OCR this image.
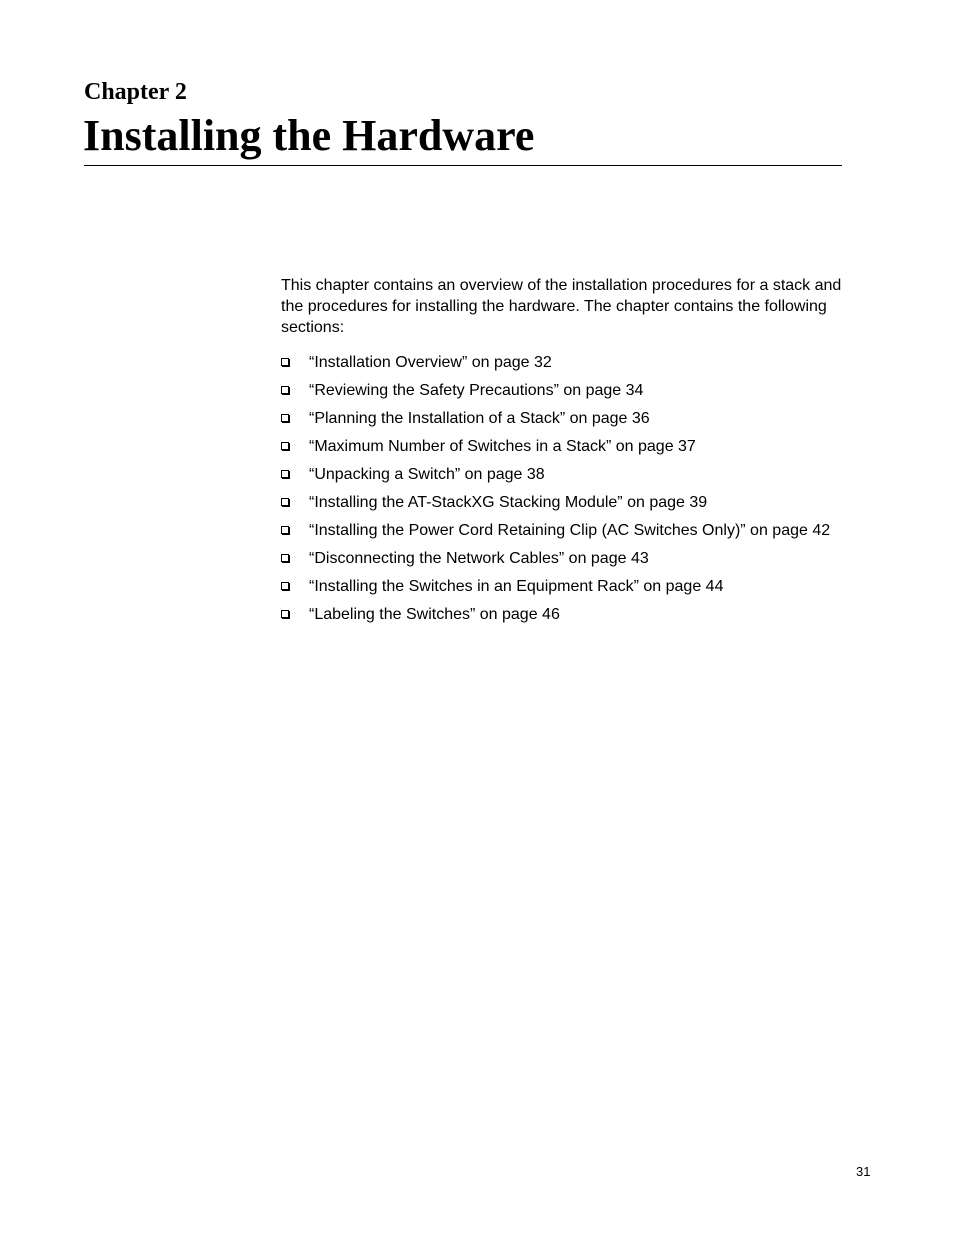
Chapter 2
Installing the Hardware

This chapter contains an overview of the installation procedures for a stack and the procedures for installing the hardware. The chapter contains the following sections:

“Installation Overview” on page 32
“Reviewing the Safety Precautions” on page 34
“Planning the Installation of a Stack” on page 36
“Maximum Number of Switches in a Stack” on page 37
“Unpacking a Switch” on page 38
“Installing the AT-StackXG Stacking Module” on page 39
“Installing the Power Cord Retaining Clip (AC Switches Only)” on page 42
“Disconnecting the Network Cables” on page 43
“Installing the Switches in an Equipment Rack” on page 44
“Labeling the Switches” on page 46
31
